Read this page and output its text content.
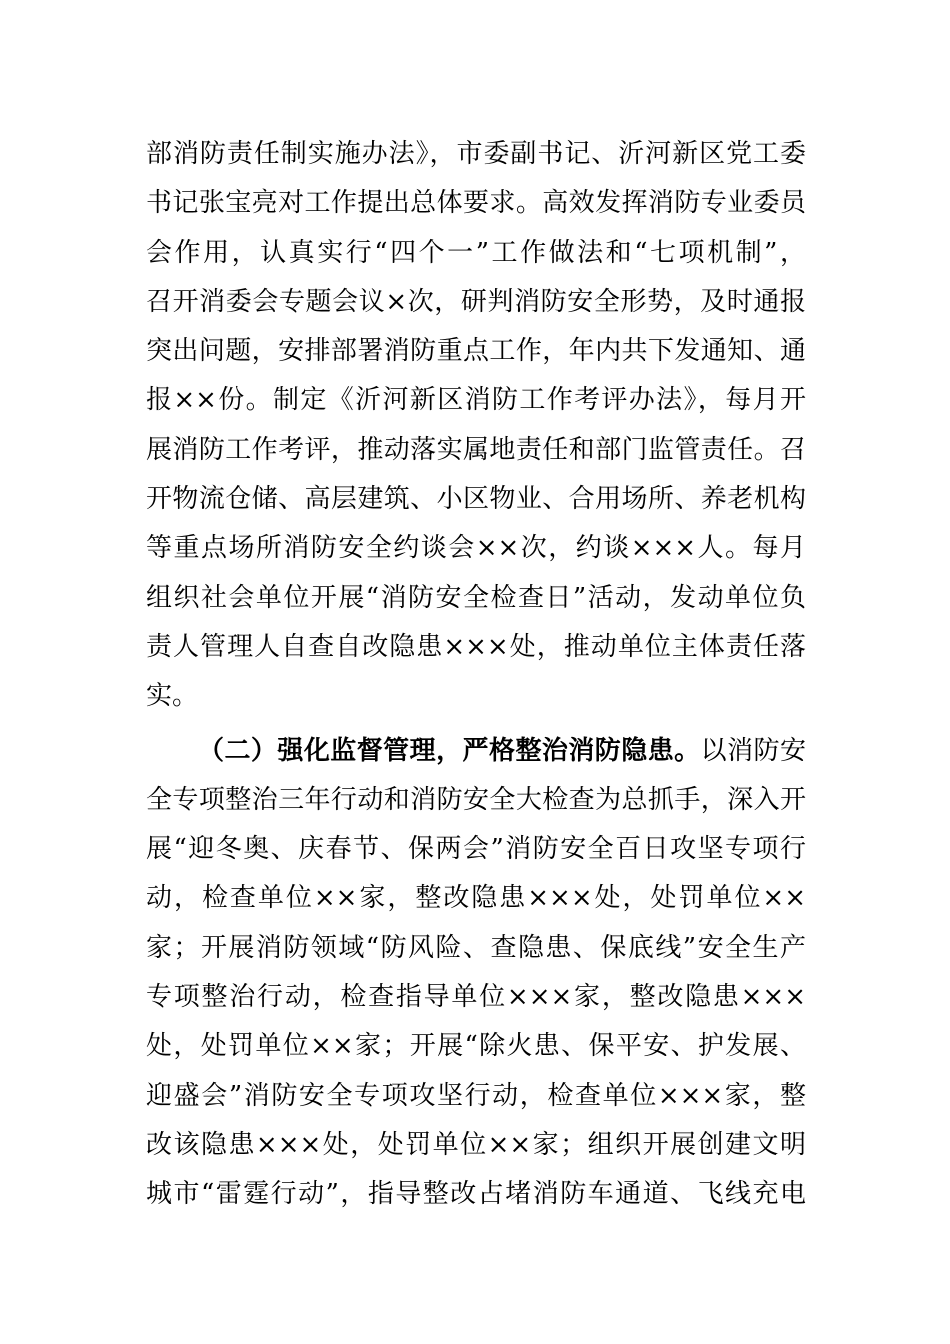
部消防责任制实施办法》，市委副书记、沂河新区党工委
书记张宝亮对工作提出总体要求。高效发挥消防专业委员
会作用，认真实行“四个一”工作做法和“七项机制”，
召开消委会专题会议×次，研判消防安全形势，及时通报
突出问题，安排部署消防重点工作，年内共下发通知、通
报××份。制定《沂河新区消防工作考评办法》，每月开
展消防工作考评，推动落实属地责任和部门监管责任。召
开物流仓储、高层建筑、小区物业、合用场所、养老机构
等重点场所消防安全约谈会××次，约谈×××人。每月
组织社会单位开展“消防安全检查日”活动，发动单位负
责人管理人自查自改隐患×××处，推动单位主体责任落
实。
（二）强化监督管理，严格整治消防隐患。以消防安
全专项整治三年行动和消防安全大检查为总抓手，深入开
展“迎冬奥、庆春节、保两会”消防安全百日攻坚专项行
动，检查单位××家，整改隐患×××处，处罚单位××
家；开展消防领域“防风险、查隐患、保底线”安全生产
专项整治行动，检查指导单位×××家，整改隐患×××
处，处罚单位××家；开展“除火患、保平安、护发展、
迎盛会”消防安全专项攻坚行动，检查单位×××家，整
改该隐患×××处，处罚单位××家；组织开展创建文明
城市“雷霆行动”，指导整改占堵消防车通道、飞线充电
